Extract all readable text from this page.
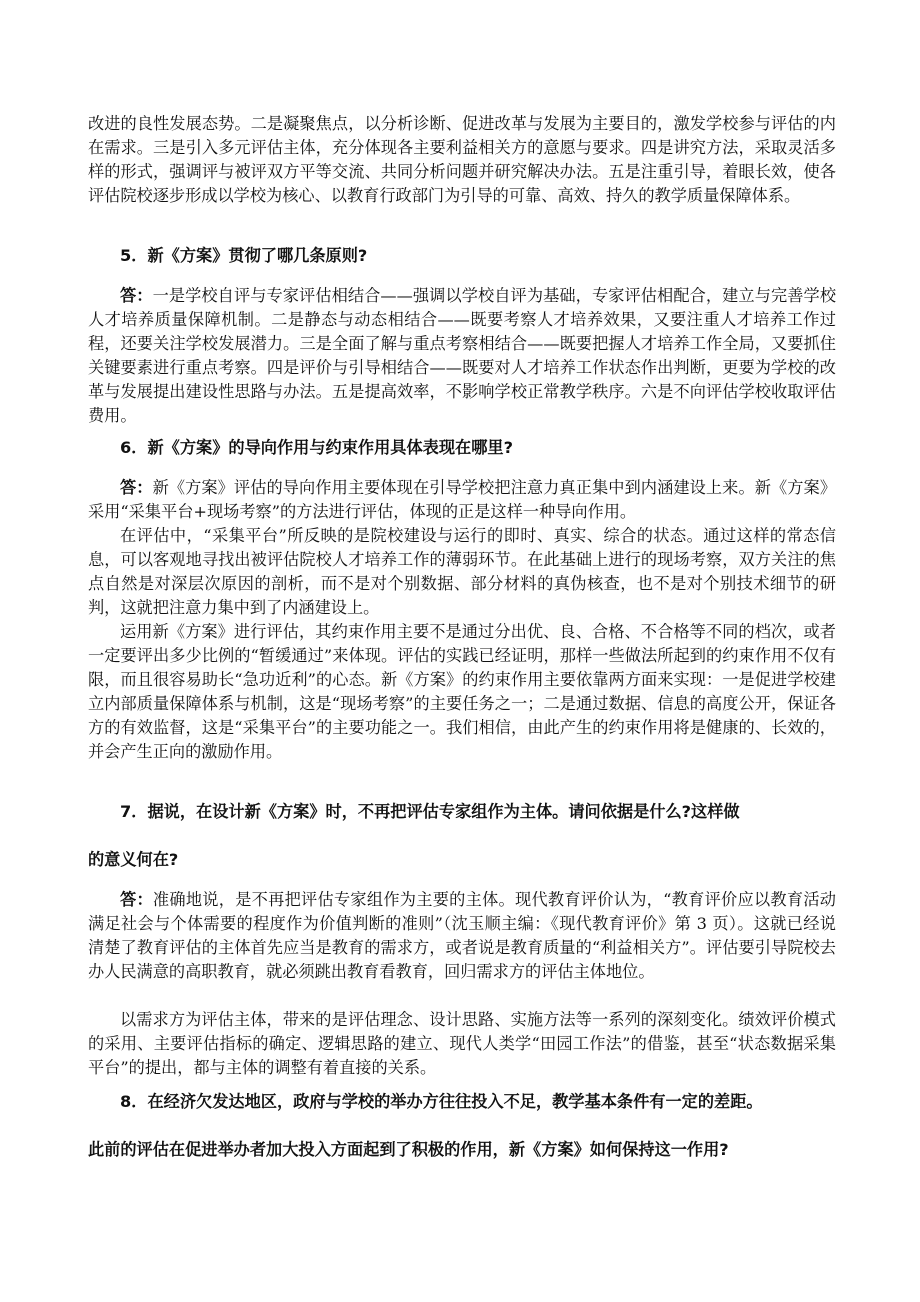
改进的良性发展态势。二是凝聚焦点，以分析诊断、促进改革与发展为主要目的，激发学校参与评估的内在需求。三是引入多元评估主体，充分体现各主要利益相关方的意愿与要求。四是讲究方法，采取灵活多样的形式，强调评与被评双方平等交流、共同分析问题并研究解决办法。五是注重引导，着眼长效，使各评估院校逐步形成以学校为核心、以教育行政部门为引导的可靠、高效、持久的教学质量保障体系。

5．新《方案》贯彻了哪几条原则?

答：一是学校自评与专家评估相结合——强调以学校自评为基础，专家评估相配合，建立与完善学校人才培养质量保障机制。二是静态与动态相结合——既要考察人才培养效果，又要注重人才培养工作过程，还要关注学校发展潜力。三是全面了解与重点考察相结合——既要把握人才培养工作全局，又要抓住关键要素进行重点考察。四是评价与引导相结合——既要对人才培养工作状态作出判断，更要为学校的改革与发展提出建设性思路与办法。五是提高效率，不影响学校正常教学秩序。六是不向评估学校收取评估费用。

6．新《方案》的导向作用与约束作用具体表现在哪里?

答：新《方案》评估的导向作用主要体现在引导学校把注意力真正集中到内涵建设上来。新《方案》采用“采集平台+现场考察”的方法进行评估，体现的正是这样一种导向作用。

在评估中，“采集平台”所反映的是院校建设与运行的即时、真实、综合的状态。通过这样的常态信息，可以客观地寻找出被评估院校人才培养工作的薄弱环节。在此基础上进行的现场考察，双方关注的焦点自然是对深层次原因的剖析，而不是对个别数据、部分材料的真伪核查，也不是对个别技术细节的研判，这就把注意力集中到了内涵建设上。

运用新《方案》进行评估，其约束作用主要不是通过分出优、良、合格、不合格等不同的档次，或者一定要评出多少比例的“暂缓通过”来体现。评估的实践已经证明，那样一些做法所起到的约束作用不仅有限，而且很容易助长“急功近利”的心态。新《方案》的约束作用主要依靠两方面来实现：一是促进学校建立内部质量保障体系与机制，这是“现场考察”的主要任务之一；二是通过数据、信息的高度公开，保证各方的有效监督，这是“采集平台”的主要功能之一。我们相信，由此产生的约束作用将是健康的、长效的，并会产生正向的激励作用。

7．据说，在设计新《方案》时，不再把评估专家组作为主体。请问依据是什么?这样做

的意义何在?

答：准确地说，是不再把评估专家组作为主要的主体。现代教育评价认为，“教育评价应以教育活动满足社会与个体需要的程度作为价值判断的准则”（沈玉顺主编：《现代教育评价》第 3 页）。这就已经说清楚了教育评估的主体首先应当是教育的需求方，或者说是教育质量的“利益相关方”。评估要引导院校去办人民满意的高职教育，就必须跳出教育看教育，回归需求方的评估主体地位。

以需求方为评估主体，带来的是评估理念、设计思路、实施方法等一系列的深刻变化。绩效评价模式的采用、主要评估指标的确定、逻辑思路的建立、现代人类学“田园工作法”的借鉴，甚至“状态数据采集平台”的提出，都与主体的调整有着直接的关系。

8．在经济欠发达地区，政府与学校的举办方往往投入不足，教学基本条件有一定的差距。

此前的评估在促进举办者加大投入方面起到了积极的作用，新《方案》如何保持这一作用?
